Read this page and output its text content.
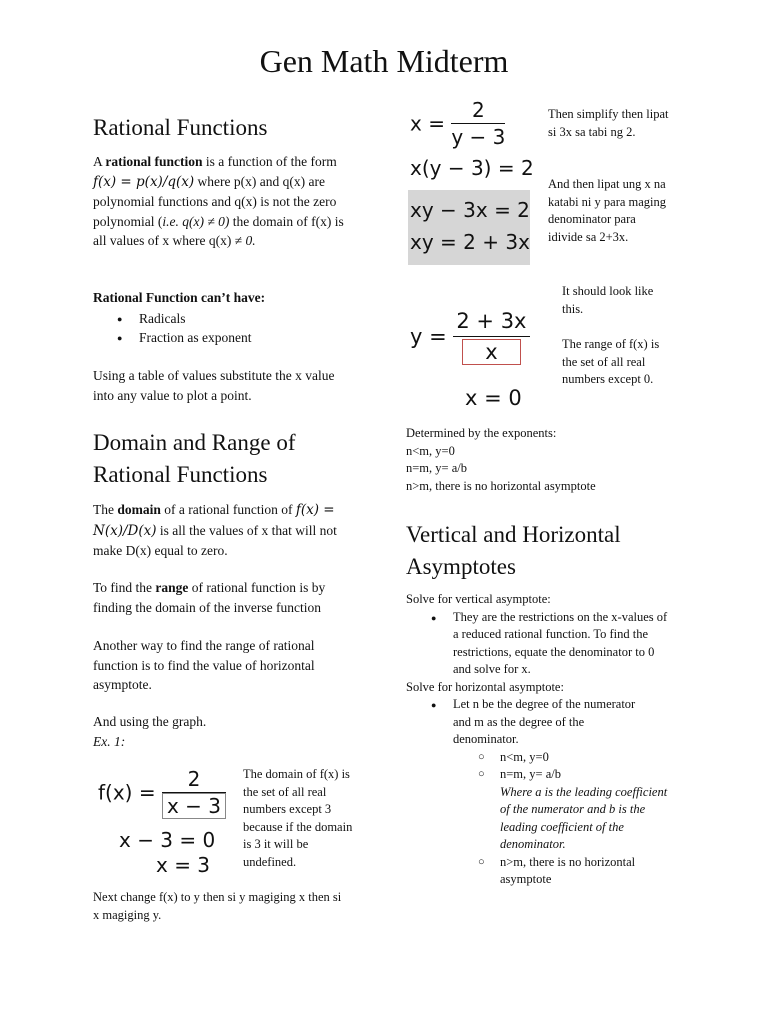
Gen Math Midterm
Rational Functions
A rational function is a function of the form f(x) = p(x)/q(x) where p(x) and q(x) are polynomial functions and q(x) is not the zero polynomial (i.e. q(x) ≠ 0) the domain of f(x) is all values of x where q(x) ≠ 0.
Rational Function can’t have:
● Radicals
● Fraction as exponent
Using a table of values substitute the x value into any value to plot a point.
Domain and Range of
Rational Functions
The domain of a rational function of f(x) = N(x)/D(x) is all the values of x that will not make D(x) equal to zero.
To find the range of rational function is by finding the domain of the inverse function
Another way to find the range of rational function is to find the value of horizontal asymptote.
And using the graph.
Ex. 1:
$f(x) = \frac{2}{x - 3}$
x − 3 = 0
x = 3
The domain of f(x) is the set of all real numbers except 3 because if the domain is 3 it will be undefined.
Next change f(x) to y then si y magiging x then si x magiging y.
$x = \frac{2}{y - 3}$
x(y − 3) = 2
xy − 3x = 2
xy = 2 + 3x
Then simplify then lipat si 3x sa tabi ng 2.
And then lipat ung x na katabi ni y para maging denominator para idivide sa 2+3x.
$y = \frac{2 + 3x}{x}$
x = 0
It should look like this.
The range of f(x) is the set of all real numbers except 0.
Determined by the exponents:
n<m, y=0
n=m, y= a/b
n>m, there is no horizontal asymptote
Vertical and Horizontal
Asymptotes
Solve for vertical asymptote:
● They are the restrictions on the x-values of a reduced rational function. To find the restrictions, equate the denominator to 0 and solve for x.
Solve for horizontal asymptote:
● Let n be the degree of the numerator and m as the degree of the denominator.
○ n<m, y=0
○ n=m, y= a/b
Where a is the leading coefficient of the numerator and b is the leading coefficient of the denominator.
○ n>m, there is no horizontal asymptote
